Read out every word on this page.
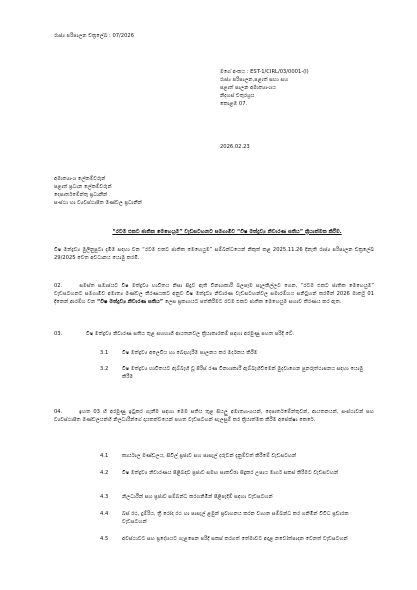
රාජ්‍ය පරිපාලන චක්‍රලේඛ : 07/2026
මගේ අංකය : EST-1/CIRL/03/0001-(I)
රාජ්‍ය පරිපාලන,පළාත් සභා සහ
පළාත් පාලන අමාත්‍යාංශය
නිදහස් චතුරශ්‍රය
කොළඹ 07.
2026.02.23
අමාත්‍යාංශ ලේකම්වරුන්
පළාත් ප්‍රධාන ලේකම්වරුන්
දෙපාර්තමේන්තු ප්‍රධානීන්
සංස්ථා හා ව්‍යවස්ථාපිත මණ්ඩල ප්‍රධානීන්
“රටම එකට ජාතික මෙහෙයුම” වැඩසටහනට සමගාමීව “විෂ මත්ද්‍රව්‍ය නිවාරණ සතිය” ක්‍රියාත්මක කිරීම.
විෂ මත්ද්‍රව්‍ය මුලිනුපුටා දැමීම සඳහා වන “රටම එකට ජාතික මෙහෙයුම” සම්බන්ධයෙන් නිකුත් කළ 2025.11.26 දිනැති රාජ්‍ය පරිපාලන චක්‍රලේඛ 29/2025 වෙත අවධානය යොමු කරමි.
02.	සමස්ත සමාජයට විෂ මත්ද්‍රව්‍ය භාවිතය නිසා සිදුව ඇති විනාශකාරී බලපෑම සැලකිල්ලට ගෙන, “රටම එකට ජාතික මෙහෙයුම” වැඩසටහනට සමගාමීව අමාත්‍ය මණ්ඩල තීරණයකට අනුව විෂ මත්ද්‍රව්‍ය නිවාරණ වැඩසටහන්වල සමාරම්භය සනිටුහන් කරමින් 2026 මාර්තු 01 දිනෙන් ආරම්භ වන “විෂ මත්ද්‍රව්‍ය නිවාරණ සතිය” ලෙස ප්‍රකාශයට පත්කිරීමට රටම එකට ජාතික මෙහෙයුම සහාව තීරණය කර ඇත.
03.	විෂ මත්ද්‍රව්‍ය නිවාරණ සතිය තුළ සහභාගී ආයතනවල ක්‍රියාකාරකම් සඳහා අරමුණු පහත පරිදි වේ.
3.1	විෂ මත්ද්‍රව්‍ය අලෙවිය හා බෙදාහැරීම පාලනය කර මර්දනය කිරීම
3.2	විෂ මත්ද්‍රව්‍ය භාවිතයට ඇබ්බැහි වූ පිරිස් රණ විනාශකාරී ඇබ්බැහිවීමෙන් මුදවාගෙන පුනරුත්ථාපනය සඳහා යොමු කිරීම
04.	ඉහත 03 හි අරමුණු ඉටුකර ගැනීම සඳහා මෙම සතිය තුළ සියලු අමාත්‍යාංශයන්, දෙපාර්තමේන්තුවන්, ආයතනයන්, සංස්ථාවන් සහ ව්‍යවස්ථාපිත මණ්ඩලයන්හි නිලධාරීන්ගේ දායකත්වයෙන් පහත වැඩසටහන් සැලසුම් කර ක්‍රියාත්මක කිරීම අපේක්ෂා කෙරේ.
4.1	කාර්යාල මණ්ඩලය, සිවිල් ප්‍රජාව සහ පාසැල් දරුවන් දැනුම්වත් කිරීමේ වැඩසටහන්
4.2	විෂ මත්ද්‍රව්‍ය නිවාරණය පිළිබඳව ප්‍රජාව සමඟ සාකච්ඡා සිදුකර උපාය මාර්ග සකස් කිරීමට වැඩසටහන්
4.3	නිලධාරීන් සහ ප්‍රජාව සම්බන්ධ කරගනිමින් පිළිපැදීම් සඳහා වැඩසටහන්
4.4	බස් රථ, දුම්රිය, ත්‍රී රෝද රථ හා පාසැල් ළමුන් ප්‍රවාහනය කරන වාහන සම්බන්ධ කර ගනිමින් විවිධ ප්‍රචාරක වැඩසටහන්
4.5	අවස්ථාවට සහ ප්‍රදේශයට ගැළපෙන පරිදි සකස් කරගත් තේමාවට අදාළ නවෝත්පාදන වෙනත් වැඩසටහන්
